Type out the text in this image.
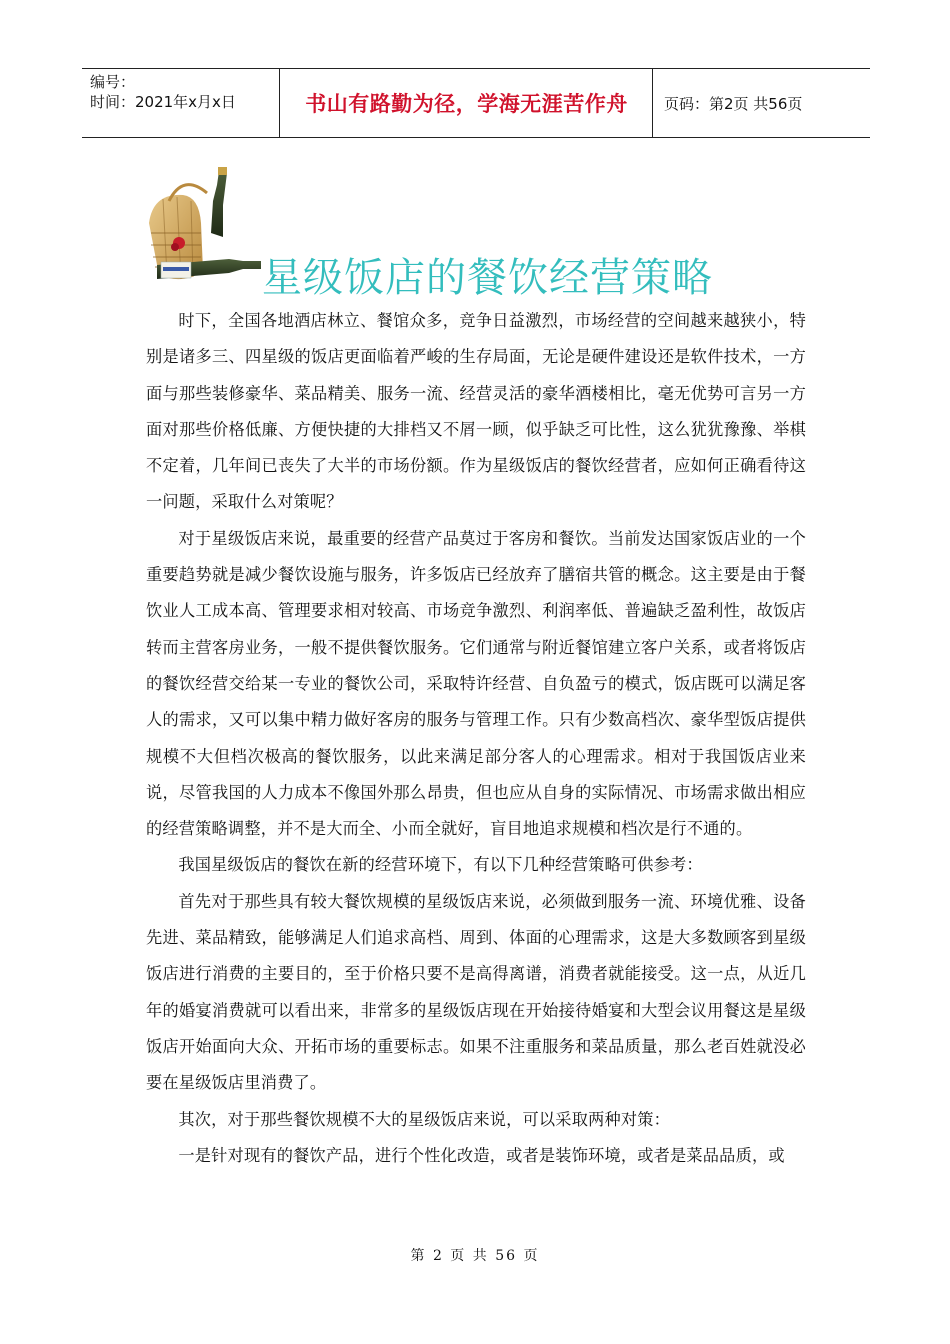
编号：
时间：2021年x月x日	书山有路勤为径，学海无涯苦作舟 页码：第2页 共56页
星级饭店的餐饮经营策略

时下，全国各地酒店林立、餐馆众多，竞争日益激烈，市场经营的空间越来越狭小，特别是诸多三、四星级的饭店更面临着严峻的生存局面，无论是硬件建设还是软件技术，一方面与那些装修豪华、菜品精美、服务一流、经营灵活的豪华酒楼相比，毫无优势可言另一方面对那些价格低廉、方便快捷的大排档又不屑一顾，似乎缺乏可比性，这么犹犹豫豫、举棋不定着，几年间已丧失了大半的市场份额。作为星级饭店的餐饮经营者，应如何正确看待这一问题，采取什么对策呢？

对于星级饭店来说，最重要的经营产品莫过于客房和餐饮。当前发达国家饭店业的一个重要趋势就是减少餐饮设施与服务，许多饭店已经放弃了膳宿共管的概念。这主要是由于餐饮业人工成本高、管理要求相对较高、市场竞争激烈、利润率低、普遍缺乏盈利性，故饭店转而主营客房业务，一般不提供餐饮服务。它们通常与附近餐馆建立客户关系，或者将饭店的餐饮经营交给某一专业的餐饮公司，采取特许经营、自负盈亏的模式，饭店既可以满足客人的需求，又可以集中精力做好客房的服务与管理工作。只有少数高档次、豪华型饭店提供规模不大但档次极高的餐饮服务，以此来满足部分客人的心理需求。相对于我国饭店业来说，尽管我国的人力成本不像国外那么昂贵，但也应从自身的实际情况、市场需求做出相应的经营策略调整，并不是大而全、小而全就好，盲目地追求规模和档次是行不通的。

我国星级饭店的餐饮在新的经营环境下，有以下几种经营策略可供参考：

首先对于那些具有较大餐饮规模的星级饭店来说，必须做到服务一流、环境优雅、设备先进、菜品精致，能够满足人们追求高档、周到、体面的心理需求，这是大多数顾客到星级饭店进行消费的主要目的，至于价格只要不是高得离谱，消费者就能接受。这一点，从近几年的婚宴消费就可以看出来，非常多的星级饭店现在开始接待婚宴和大型会议用餐这是星级饭店开始面向大众、开拓市场的重要标志。如果不注重服务和菜品质量，那么老百姓就没必要在星级饭店里消费了。

其次，对于那些餐饮规模不大的星级饭店来说，可以采取两种对策：

一是针对现有的餐饮产品，进行个性化改造，或者是装饰环境，或者是菜品品质，或

第 2 页 共 56 页
